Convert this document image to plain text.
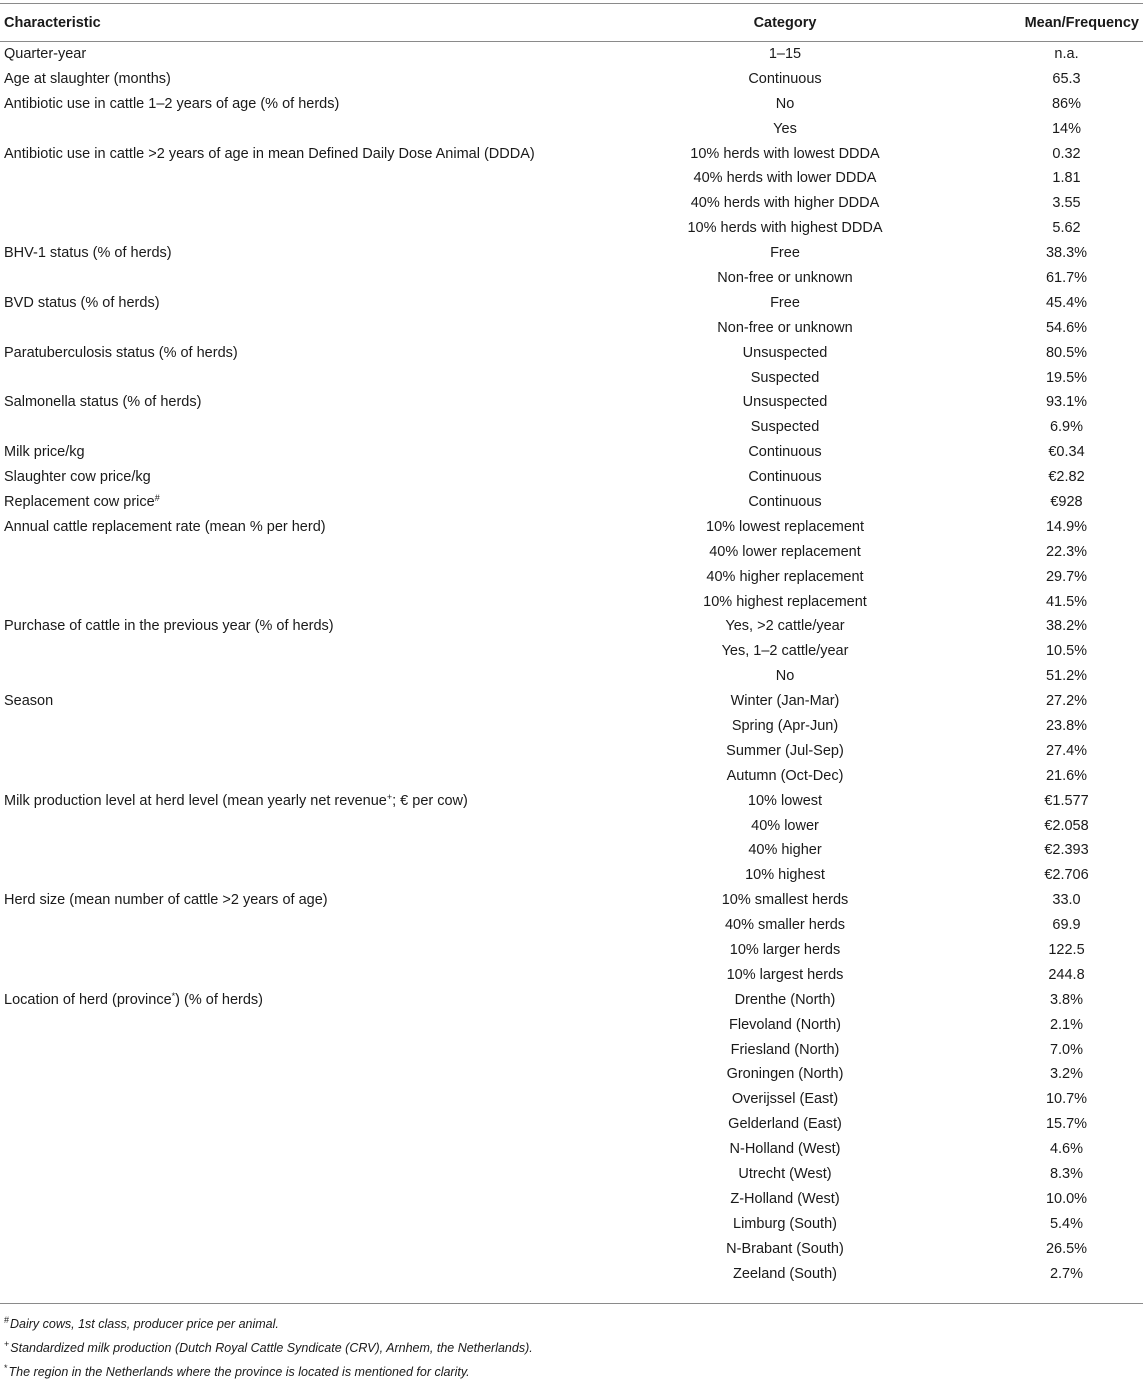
Characteristic	Category	Mean/Frequency
Quarter-year	1–15	n.a.
Age at slaughter (months)	Continuous	65.3
Antibiotic use in cattle 1–2 years of age (% of herds)	No	86%
	Yes	14%
Antibiotic use in cattle >2 years of age in mean Defined Daily Dose Animal (DDDA)	10% herds with lowest DDDA	0.32
	40% herds with lower DDDA	1.81
	40% herds with higher DDDA	3.55
	10% herds with highest DDDA	5.62
BHV-1 status (% of herds)	Free	38.3%
	Non-free or unknown	61.7%
BVD status (% of herds)	Free	45.4%
	Non-free or unknown	54.6%
Paratuberculosis status (% of herds)	Unsuspected	80.5%
	Suspected	19.5%
Salmonella status (% of herds)	Unsuspected	93.1%
	Suspected	6.9%
Milk price/kg	Continuous	€0.34
Slaughter cow price/kg	Continuous	€2.82
Replacement cow price#	Continuous	€928
Annual cattle replacement rate (mean % per herd)	10% lowest replacement	14.9%
	40% lower replacement	22.3%
	40% higher replacement	29.7%
	10% highest replacement	41.5%
Purchase of cattle in the previous year (% of herds)	Yes, >2 cattle/year	38.2%
	Yes, 1–2 cattle/year	10.5%
	No	51.2%
Season	Winter (Jan-Mar)	27.2%
	Spring (Apr-Jun)	23.8%
	Summer (Jul-Sep)	27.4%
	Autumn (Oct-Dec)	21.6%
Milk production level at herd level (mean yearly net revenue+; € per cow)	10% lowest	€1.577
	40% lower	€2.058
	40% higher	€2.393
	10% highest	€2.706
Herd size (mean number of cattle >2 years of age)	10% smallest herds	33.0
	40% smaller herds	69.9
	10% larger herds	122.5
	10% largest herds	244.8
Location of herd (province*) (% of herds)	Drenthe (North)	3.8%
	Flevoland (North)	2.1%
	Friesland (North)	7.0%
	Groningen (North)	3.2%
	Overijssel (East)	10.7%
	Gelderland (East)	15.7%
	N-Holland (West)	4.6%
	Utrecht (West)	8.3%
	Z-Holland (West)	10.0%
	Limburg (South)	5.4%
	N-Brabant (South)	26.5%
	Zeeland (South)	2.7%
#Dairy cows, 1st class, producer price per animal.
+Standardized milk production (Dutch Royal Cattle Syndicate (CRV), Arnhem, the Netherlands).
*The region in the Netherlands where the province is located is mentioned for clarity.
